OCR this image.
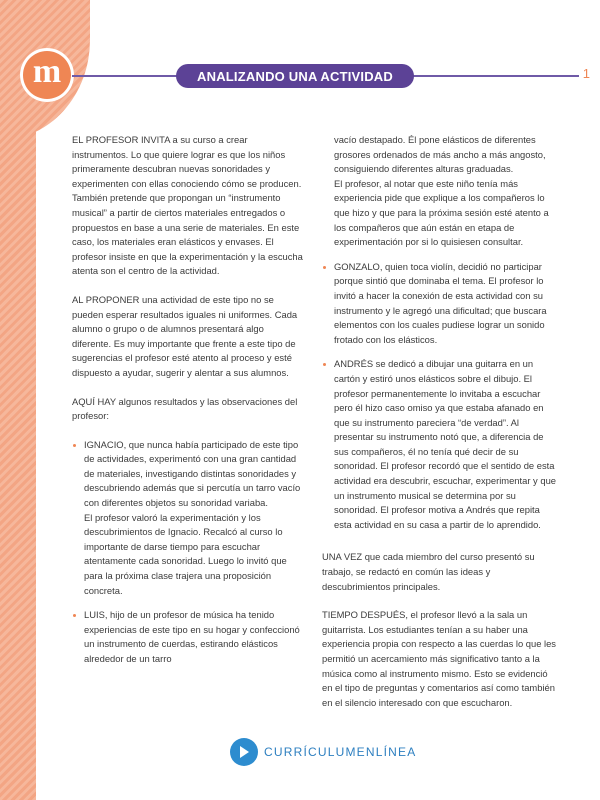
m	ANALIZANDO UNA ACTIVIDAD	1

EL PROFESOR INVITA a su curso a crear instrumentos. Lo que quiere lograr es que los niños primeramente descubran nuevas sonoridades y experimenten con ellas conociendo cómo se producen. También pretende que propongan un “instrumento musical” a partir de ciertos materiales entregados o propuestos en base a una serie de materiales. En este caso, los materiales eran elásticos y envases. El profesor insiste en que la experimentación y la escucha atenta son el centro de la actividad.

AL PROPONER una actividad de este tipo no se pueden esperar resultados iguales ni uniformes. Cada alumno o grupo o de alumnos presentará algo diferente. Es muy importante que frente a este tipo de sugerencias el profesor esté atento al proceso y esté dispuesto a ayudar, sugerir y alentar a sus alumnos.

AQUÍ HAY algunos resultados y las observaciones del profesor:

IGNACIO, que nunca había participado de este tipo de actividades, experimentó con una gran cantidad de materiales, investigando distintas sonoridades y descubriendo además que si percutía un tarro vacío con diferentes objetos su sonoridad variaba.
El profesor valoró la experimentación y los descubrimientos de Ignacio. Recalcó al curso lo importante de darse tiempo para escuchar atentamente cada sonoridad. Luego lo invitó que para la próxima clase trajera una proposición concreta.
LUIS, hijo de un profesor de música ha tenido experiencias de este tipo en su hogar y confeccionó un instrumento de cuerdas, estirando elásticos alrededor de un tarro
vacío destapado. Él pone elásticos de diferentes grosores ordenados de más ancho a más angosto, consiguiendo diferentes alturas graduadas.
El profesor, al notar que este niño tenía más experiencia pide que explique a los compañeros lo que hizo y que para la próxima sesión esté atento a los compañeros que aún están en etapa de experimentación por si lo quisiesen consultar.
GONZALO, quien toca violín, decidió no participar porque sintió que dominaba el tema. El profesor lo invitó a hacer la conexión de esta actividad con su instrumento y le agregó una dificultad; que buscara elementos con los cuales pudiese lograr un sonido frotado con los elásticos.
ANDRÉS se dedicó a dibujar una guitarra en un cartón y estiró unos elásticos sobre el dibujo. El profesor permanentemente lo invitaba a escuchar pero él hizo caso omiso ya que estaba afanado en que su instrumento pareciera “de verdad”. Al presentar su instrumento notó que, a diferencia de sus compañeros, él no tenía qué decir de su sonoridad. El profesor recordó que el sentido de esta actividad era descubrir, escuchar, experimentar y que un instrumento musical se determina por su sonoridad. El profesor motiva a Andrés que repita esta actividad en su casa a partir de lo aprendido.

UNA VEZ que cada miembro del curso presentó su trabajo, se redactó en común las ideas y descubrimientos principales.

TIEMPO DESPUÉS, el profesor llevó a la sala un guitarrista. Los estudiantes tenían a su haber una experiencia propia con respecto a las cuerdas lo que les permitió un acercamiento más significativo tanto a la música como al instrumento mismo. Esto se evidenció en el tipo de preguntas y comentarios así como también en el silencio interesado con que escucharon.

CURRÍCULUMENLÍNEA
